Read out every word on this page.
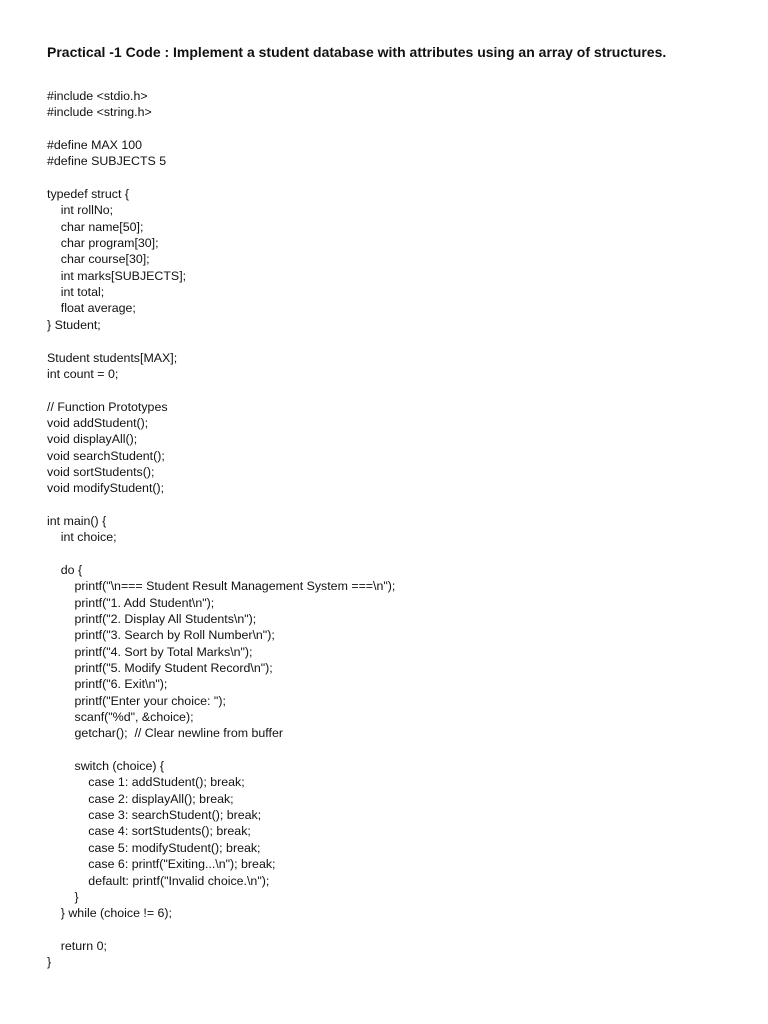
Practical -1 Code : Implement a student database with attributes using an array of structures.
#include <stdio.h>
#include <string.h>
#define MAX 100
#define SUBJECTS 5
typedef struct {
int rollNo;
char name[50];
char program[30];
char course[30];
int marks[SUBJECTS];
int total;
float average;
} Student;
Student students[MAX];
int count = 0;
// Function Prototypes
void addStudent();
void displayAll();
void searchStudent();
void sortStudents();
void modifyStudent();
int main() {
int choice;
do {
printf("\n=== Student Result Management System ===\n");
printf("1. Add Student\n");
printf("2. Display All Students\n");
printf("3. Search by Roll Number\n");
printf("4. Sort by Total Marks\n");
printf("5. Modify Student Record\n");
printf("6. Exit\n");
printf("Enter your choice: ");
scanf("%d", &choice);
getchar();  // Clear newline from buffer
switch (choice) {
case 1: addStudent(); break;
case 2: displayAll(); break;
case 3: searchStudent(); break;
case 4: sortStudents(); break;
case 5: modifyStudent(); break;
case 6: printf("Exiting...\n"); break;
default: printf("Invalid choice.\n");
}
} while (choice != 6);
return 0;
}
